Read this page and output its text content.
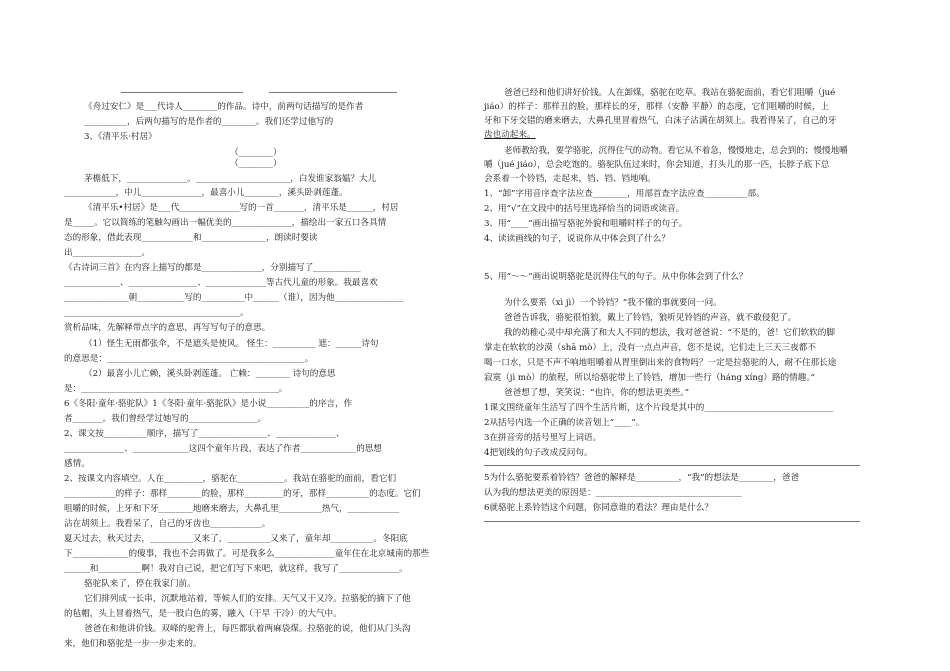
《舟过安仁》是___代诗人________的作品。诗中，前两句话描写的是作者
__________，后两句描写的是作者的________。我们还学过他写的
3、《清平乐·村居》
（________）
（________）
茅檐低下，______________。______________________，白发谁家翁媪？大儿
____________，中儿______________，最喜小儿________，溪头卧剥莲蓬。
《清平乐•村居》是___代______________写的一首_______，清平乐是______，村居
是_____。它以简练的笔触勾画出一幅优美的______________，描绘出一家五口各具情
态的形象，借此表现____________和_______________，朗读时要读
出________________。
《古诗词三首》在内容上描写的都是______________，分别描写了___________
_____________、________________、______________等古代儿童的形象。我最喜欢
_______________朝___________写的__________中______（谁），因为他________________
_________________________________________。
赏析品味，先解释带点字的意思，再写写句子的意思。
（1）怪生无雨都张伞，不是遮头是使风。 怪生：__________ 遮：______诗句
的意思是：______________________________________________。
（2）最喜小儿亡赖，溪头卧剥莲蓬。 亡赖：________ 诗句的意思
是：______________________________________________。
6《冬阳·童年·骆驼队》1《冬阳·童年·骆驼队》是小说__________的序言，作
者_______。我们曾经学过她写的________________。
2、课文按__________顺序，描写了________________、______________、
______________、_____________这四个童年片段，表达了作者_____________的思想
感情。
2、按课文内容填空。人在_________，骆驼在___________。我站在骆驼的面前，看它们
____________的样子：那样________的脸，那样_________的牙，那样__________的态度。它们
咀嚼的时候，上牙和下牙________地磨来磨去，大鼻孔里__________热气，____________
沾在胡须上。我看呆了，自己的牙齿也____________。
夏天过去，秋天过去，__________又来了，__________又来了，童年却__________。冬阳底
下_____________的傻事，我也不会再做了。可是我多么______________童年住在北京城南的那些
______和__________啊！我对自己说，把它们写下来吧，就这样，我写了______________。
骆驼队来了，停在我家门前。
它们排列成一长串，沉默地站着，等候人们的安排。天气又干又冷。拉骆驼的摘下了他
的毡帽，头上冒着热气，是一股白色的雾，融入（干旱 干冷）的大气中。
爸爸在和他讲价钱。双峰的驼背上，每匹都驮着两麻袋煤。拉骆驼的说，他们从门头沟
来，他们和骆驼是一步一步走来的。
爸爸已经和他们讲好价钱。人在卸煤，骆驼在吃草。我站在骆驼面前，看它们咀嚼（jué
jiáo）的样子：那样丑的脸，那样长的牙，那样（安静 平静）的态度，它们咀嚼的时候，上
牙和下牙交错的磨来磨去，大鼻孔里冒着热气，白沫子沾满在胡须上。我看得呆了，自己的牙
齿也动起来。
老师教给我，要学骆驼，沉得住气的动物。看它从不着急，慢慢地走，总会到的；慢慢地嚼
嚼（jué jiáo），总会吃饱的。骆驼队伍过来时，你会知道，打头儿的那一匹，长脖子底下总
会系着一个铃铛，走起来，铛、铛、铛地响。
1、“卸”字用音序查字法应查________，用部首查字法应查__________部。
2、用“√”在文段中的括号里选择恰当的词语或读音。
3、用“____”画出描写骆驼外貌和咀嚼时样子的句子。
4、读读画线的句子，说说你从中体会到了什么？
5、用“～～”画出说明骆驼是沉得住气的句子。从中你体会到了什么？
为什么要系（xì jì）一个铃铛？”我不懂的事就要问一问。
爸爸告诉我，骆驼很怕狼，戴上了铃铛，狼听见铃铛的声音，就不敢侵犯了。
我的幼稚心灵中却充满了和大人不同的想法，我对爸爸说：“不是的，爸！它们软软的脚
掌走在软软的沙漠（shā mò）上，没有一点点声音，您不是说，它们走上三天三夜都不
喝一口水，只是不声不响地咀嚼着从胃里倒出来的食物吗？一定是拉骆驼的人，耐不住那长途
寂寞（jì mò）的旅程，所以给骆驼带上了铃铛，增加一些行（háng xíng）路的情趣。”
爸爸想了想，笑笑说：“也许，你的想法更美些。”
1课文围绕童年生活写了四个生活片断，这个片段是其中的______________________________
2从括号内选一个正确的读音划上“____”。
3在拼音旁的括号里写上词语。
4把划线的句子改成反问句。
5为什么骆驼要系着铃铛？爸爸的解释是__________，“我”的想法是________，爸爸
认为我的想法更美的原因是：__________________________________
6就骆驼上系铃铛这个问题，你同意谁的看法？理由是什么？
